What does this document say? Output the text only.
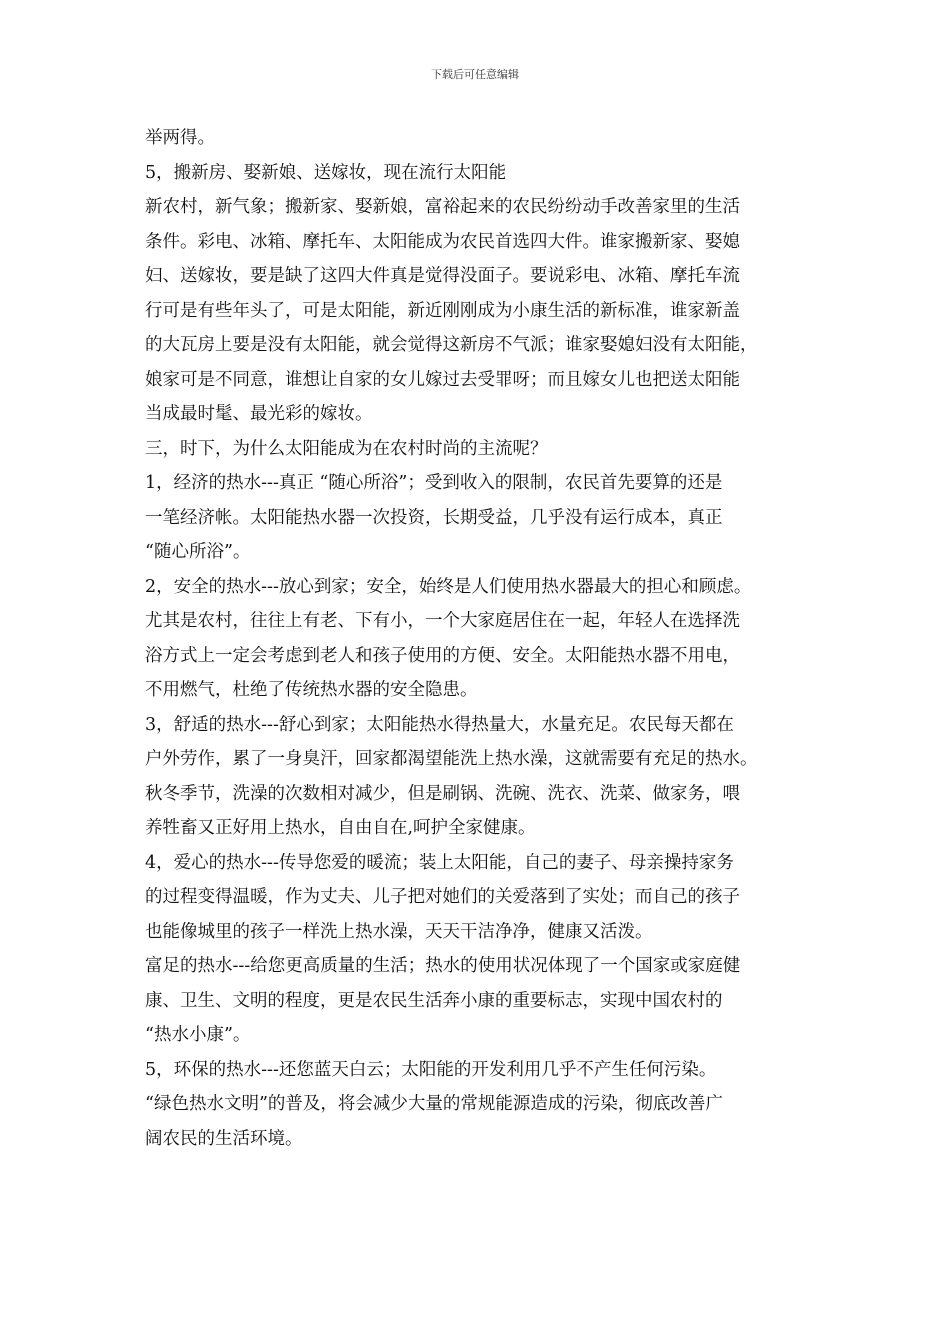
下载后可任意编辑
举两得。
5，搬新房、娶新娘、送嫁妆，现在流行太阳能
新农村，新气象；搬新家、娶新娘，富裕起来的农民纷纷动手改善家里的生活
条件。彩电、冰箱、摩托车、太阳能成为农民首选四大件。谁家搬新家、娶媳
妇、送嫁妆，要是缺了这四大件真是觉得没面子。要说彩电、冰箱、摩托车流
行可是有些年头了，可是太阳能，新近刚刚成为小康生活的新标准，谁家新盖
的大瓦房上要是没有太阳能，就会觉得这新房不气派；谁家娶媳妇没有太阳能，
娘家可是不同意，谁想让自家的女儿嫁过去受罪呀；而且嫁女儿也把送太阳能
当成最时髦、最光彩的嫁妆。
三，时下，为什么太阳能成为在农村时尚的主流呢？
1，经济的热水---真正 “随心所浴”；受到收入的限制，农民首先要算的还是
一笔经济帐。太阳能热水器一次投资，长期受益，几乎没有运行成本，真正
“随心所浴”。
2，安全的热水---放心到家；安全，始终是人们使用热水器最大的担心和顾虑。
尤其是农村，往往上有老、下有小，一个大家庭居住在一起，年轻人在选择洗
浴方式上一定会考虑到老人和孩子使用的方便、安全。太阳能热水器不用电，
不用燃气，杜绝了传统热水器的安全隐患。
3，舒适的热水---舒心到家；太阳能热水得热量大，水量充足。农民每天都在
户外劳作，累了一身臭汗，回家都渴望能洗上热水澡，这就需要有充足的热水。
秋冬季节，洗澡的次数相对减少，但是刷锅、洗碗、洗衣、洗菜、做家务，喂
养牲畜又正好用上热水，自由自在,呵护全家健康。
4，爱心的热水---传导您爱的暖流；装上太阳能，自己的妻子、母亲操持家务
的过程变得温暖，作为丈夫、儿子把对她们的关爱落到了实处；而自己的孩子
也能像城里的孩子一样洗上热水澡，天天干洁净净，健康又活泼。
富足的热水---给您更高质量的生活；热水的使用状况体现了一个国家或家庭健
康、卫生、文明的程度，更是农民生活奔小康的重要标志，实现中国农村的
“热水小康”。
5，环保的热水---还您蓝天白云；太阳能的开发利用几乎不产生任何污染。
“绿色热水文明”的普及，将会减少大量的常规能源造成的污染，彻底改善广
阔农民的生活环境。
